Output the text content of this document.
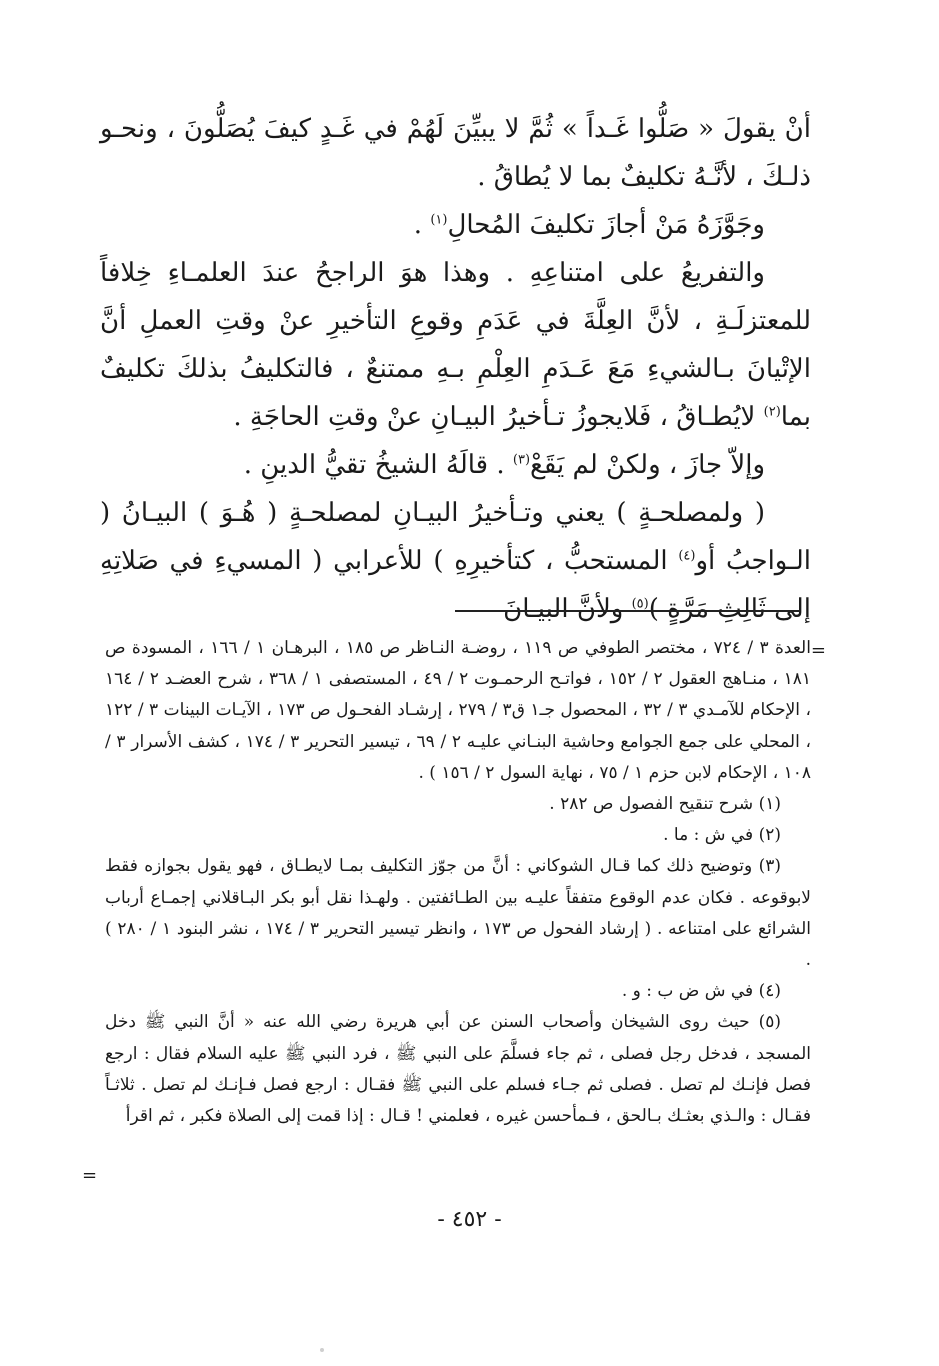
أنْ يقولَ « صَلُّوا غَـداً » ثُمَّ لا يبيِّنَ لَهُمْ في غَـدٍ كيفَ يُصَلُّونَ ، ونحـو ذلـكَ ، لأنَّـهُ تكليفٌ بما لا يُطاقُ .

وجَوَّزَهُ مَنْ أجازَ تكليفَ المُحالِ$^{(١)}$ .

والتفريعُ على امتناعِهِ . وهذا هوَ الراجحُ عندَ العلمـاءِ خِلافاً للمعتزلَـةِ ، لأنَّ العِلَّةَ في عَدَمِ وقوعِ التأخيرِ عنْ وقتِ العملِ أنَّ الإتْيانَ بـالشيءِ مَعَ عَـدَمِ العِلْمِ بـهِ ممتنعٌ ، فالتكليفُ بذلكَ تكليفٌ بما$^{(٢)}$ لايُطـاقُ ، فَلايجوزُ تـأخيرُ البيـانِ عنْ وقتِ الحاجَةِ .

وإلاّ جازَ ، ولكنْ لم يَقَعْ$^{(٣)}$ . قالَهُ الشيخُ تقيُّ الدينِ .

( ولمصلحـةٍ ) يعني وتـأخيرُ البيـانِ لمصلحـةٍ ( هُـوَ ) البيـانُ ( الـواجبُ أو$^{(٤)}$ المستحبُّ ، كتأخيرِهِ ) للأعرابي ( المسيءِ في صَلاتِهِ إلى ثَالِثِ مَرَّةٍ )$^{(٥)}$ ولأنَّ البيـانَ

=

العدة ٣ / ٧٢٤ ، مختصر الطوفي ص ١١٩ ، روضـة النـاظر ص ١٨٥ ، البرهـان ١ / ١٦٦ ، المسودة ص ١٨١ ، منـاهج العقول ٢ / ١٥٢ ، فواتـح الرحمـوت ٢ / ٤٩ ، المستصفى ١ / ٣٦٨ ، شرح العضـد ٢ / ١٦٤ ، الإحكام للآمـدي ٣ / ٣٢ ، المحصول جـ١ ق٣ / ٢٧٩ ، إرشـاد الفحـول ص ١٧٣ ، الآيـات البينات ٣ / ١٢٢ ، المحلي على جمع الجوامع وحاشية البنـاني عليـه ٢ / ٦٩ ، تيسير التحرير ٣ / ١٧٤ ، كشف الأسرار ٣ / ١٠٨ ، الإحكام لابن حزم ١ / ٧٥ ، نهاية السول ٢ / ١٥٦ ) .

(١) شرح تنقيح الفصول ص ٢٨٢ .

(٢) في ش : ما .

(٣) وتوضيح ذلك كما قـال الشوكاني : أنَّ من جوّز التكليف بمـا لايطـاق ، فهو يقول بجوازه فقط لابوقوعه . فكان عدم الوقوع متفقاً عليـه بين الطـائفتين . ولهـذا نقل أبو بكر البـاقلاني إجمـاع أرباب الشرائع على امتناعه . ( إرشاد الفحول ص ١٧٣ ، وانظر تيسير التحرير ٣ / ١٧٤ ، نشر البنود ١ / ٢٨٠ ) .

(٤) في ش ض ب : و .

(٥) حيث روى الشيخان وأصحاب السنن عن أبي هريرة رضي الله عنه « أنَّ النبي ﷺ دخل المسجد ، فدخل رجل فصلى ، ثم جاء فسلَّمَ على النبي ﷺ ، فرد النبي ﷺ عليه السلام فقال : ارجع فصل فإنـك لم تصل . فصلى ثم جـاء فسلم على النبي ﷺ فقـال : ارجع فصل فـإنـك لم تصل . ثلاثـاً فقـال : والـذي بعثـك بـالحق ، فـمأحسن غيره ، فعلمني ! قـال : إذا قمت إلى الصلاة فكبر ، ثم اقرأ

=
- ٤٥٢ -
